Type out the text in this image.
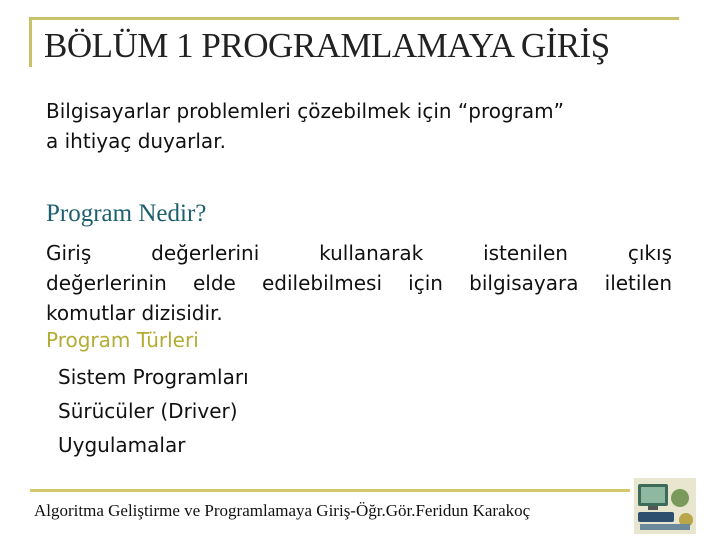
BÖLÜM 1 PROGRAMLAMAYA GİRİŞ
Bilgisayarlar problemleri çözebilmek için “program”
a ihtiyaç duyarlar.
Program Nedir?
Giriş değerlerini kullanarak istenilen çıkış
değerlerinin elde edilebilmesi için bilgisayara iletilen
komutlar dizisidir.
Program Türleri
Sistem Programları
Sürücüler (Driver)
Uygulamalar
Algoritma Geliştirme ve Programlamaya Giriş-Öğr.Gör.Feridun Karakoç
